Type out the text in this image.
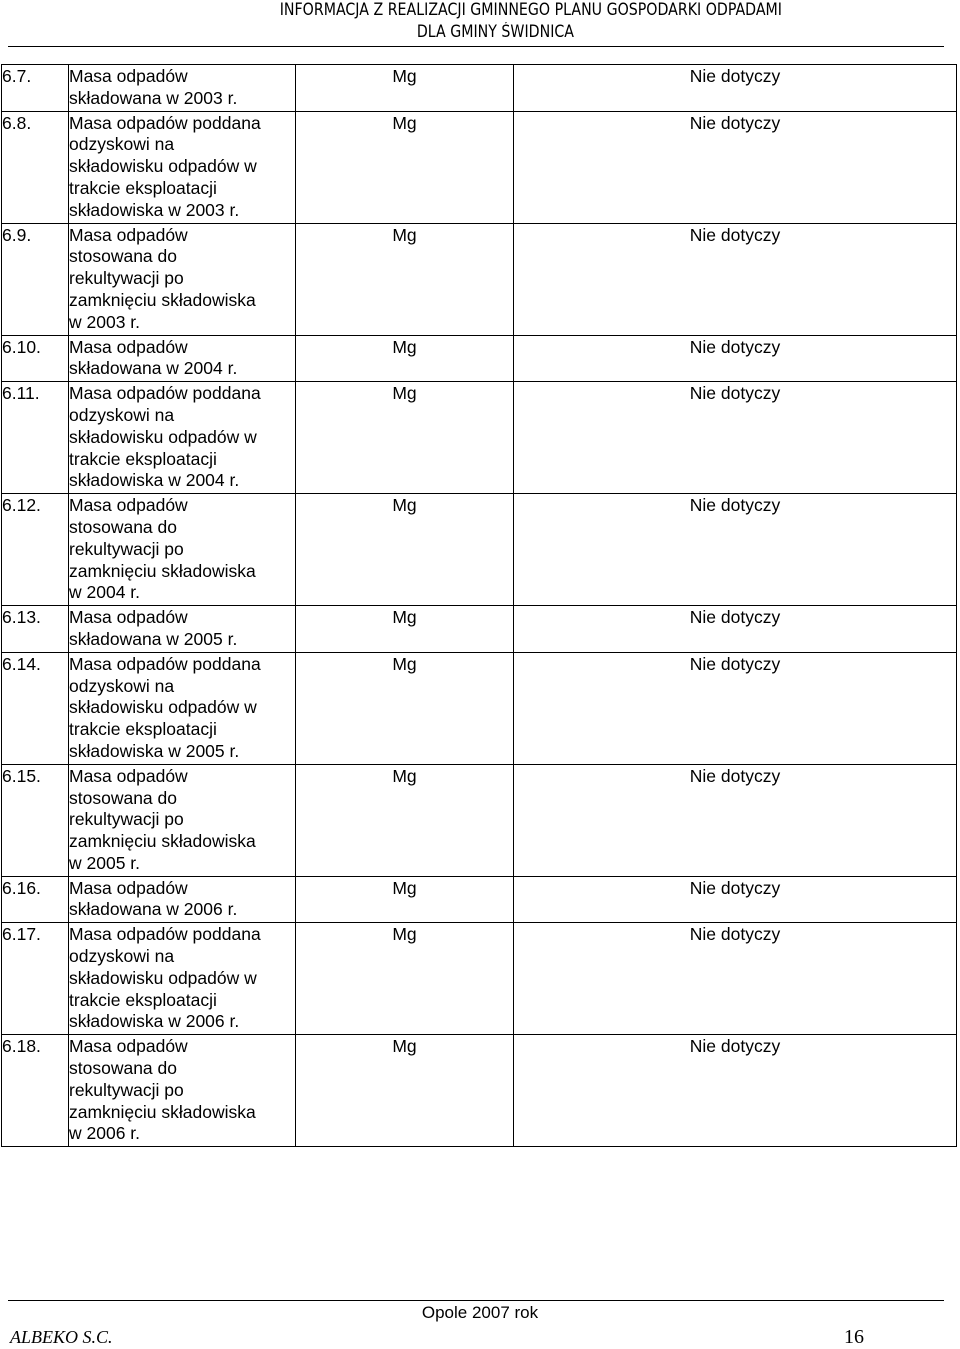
INFORMACJA Z REALIZACJI GMINNEGO PLANU GOSPODARKI ODPADAMI
DLA GMINY ŚWIDNICA
6.7.	Masa odpadów
składowana w 2003 r.	Mg	Nie dotyczy
6.8.	Masa odpadów poddana
odzyskowi na
składowisku odpadów w
trakcie eksploatacji
składowiska w 2003 r.	Mg	Nie dotyczy
6.9.	Masa odpadów
stosowana do
rekultywacji po
zamknięciu składowiska
w 2003 r.	Mg	Nie dotyczy
6.10.	Masa odpadów
składowana w 2004 r.	Mg	Nie dotyczy
6.11.	Masa odpadów poddana
odzyskowi na
składowisku odpadów w
trakcie eksploatacji
składowiska w 2004 r.	Mg	Nie dotyczy
6.12.	Masa odpadów
stosowana do
rekultywacji po
zamknięciu składowiska
w 2004 r.	Mg	Nie dotyczy
6.13.	Masa odpadów
składowana w 2005 r.	Mg	Nie dotyczy
6.14.	Masa odpadów poddana
odzyskowi na
składowisku odpadów w
trakcie eksploatacji
składowiska w 2005 r.	Mg	Nie dotyczy
6.15.	Masa odpadów
stosowana do
rekultywacji po
zamknięciu składowiska
w 2005 r.	Mg	Nie dotyczy
6.16.	Masa odpadów
składowana w 2006 r.	Mg	Nie dotyczy
6.17.	Masa odpadów poddana
odzyskowi na
składowisku odpadów w
trakcie eksploatacji
składowiska w 2006 r.	Mg	Nie dotyczy
6.18.	Masa odpadów
stosowana do
rekultywacji po
zamknięciu składowiska
w 2006 r.	Mg	Nie dotyczy
Opole 2007 rok
ALBEKO S.C.	16
